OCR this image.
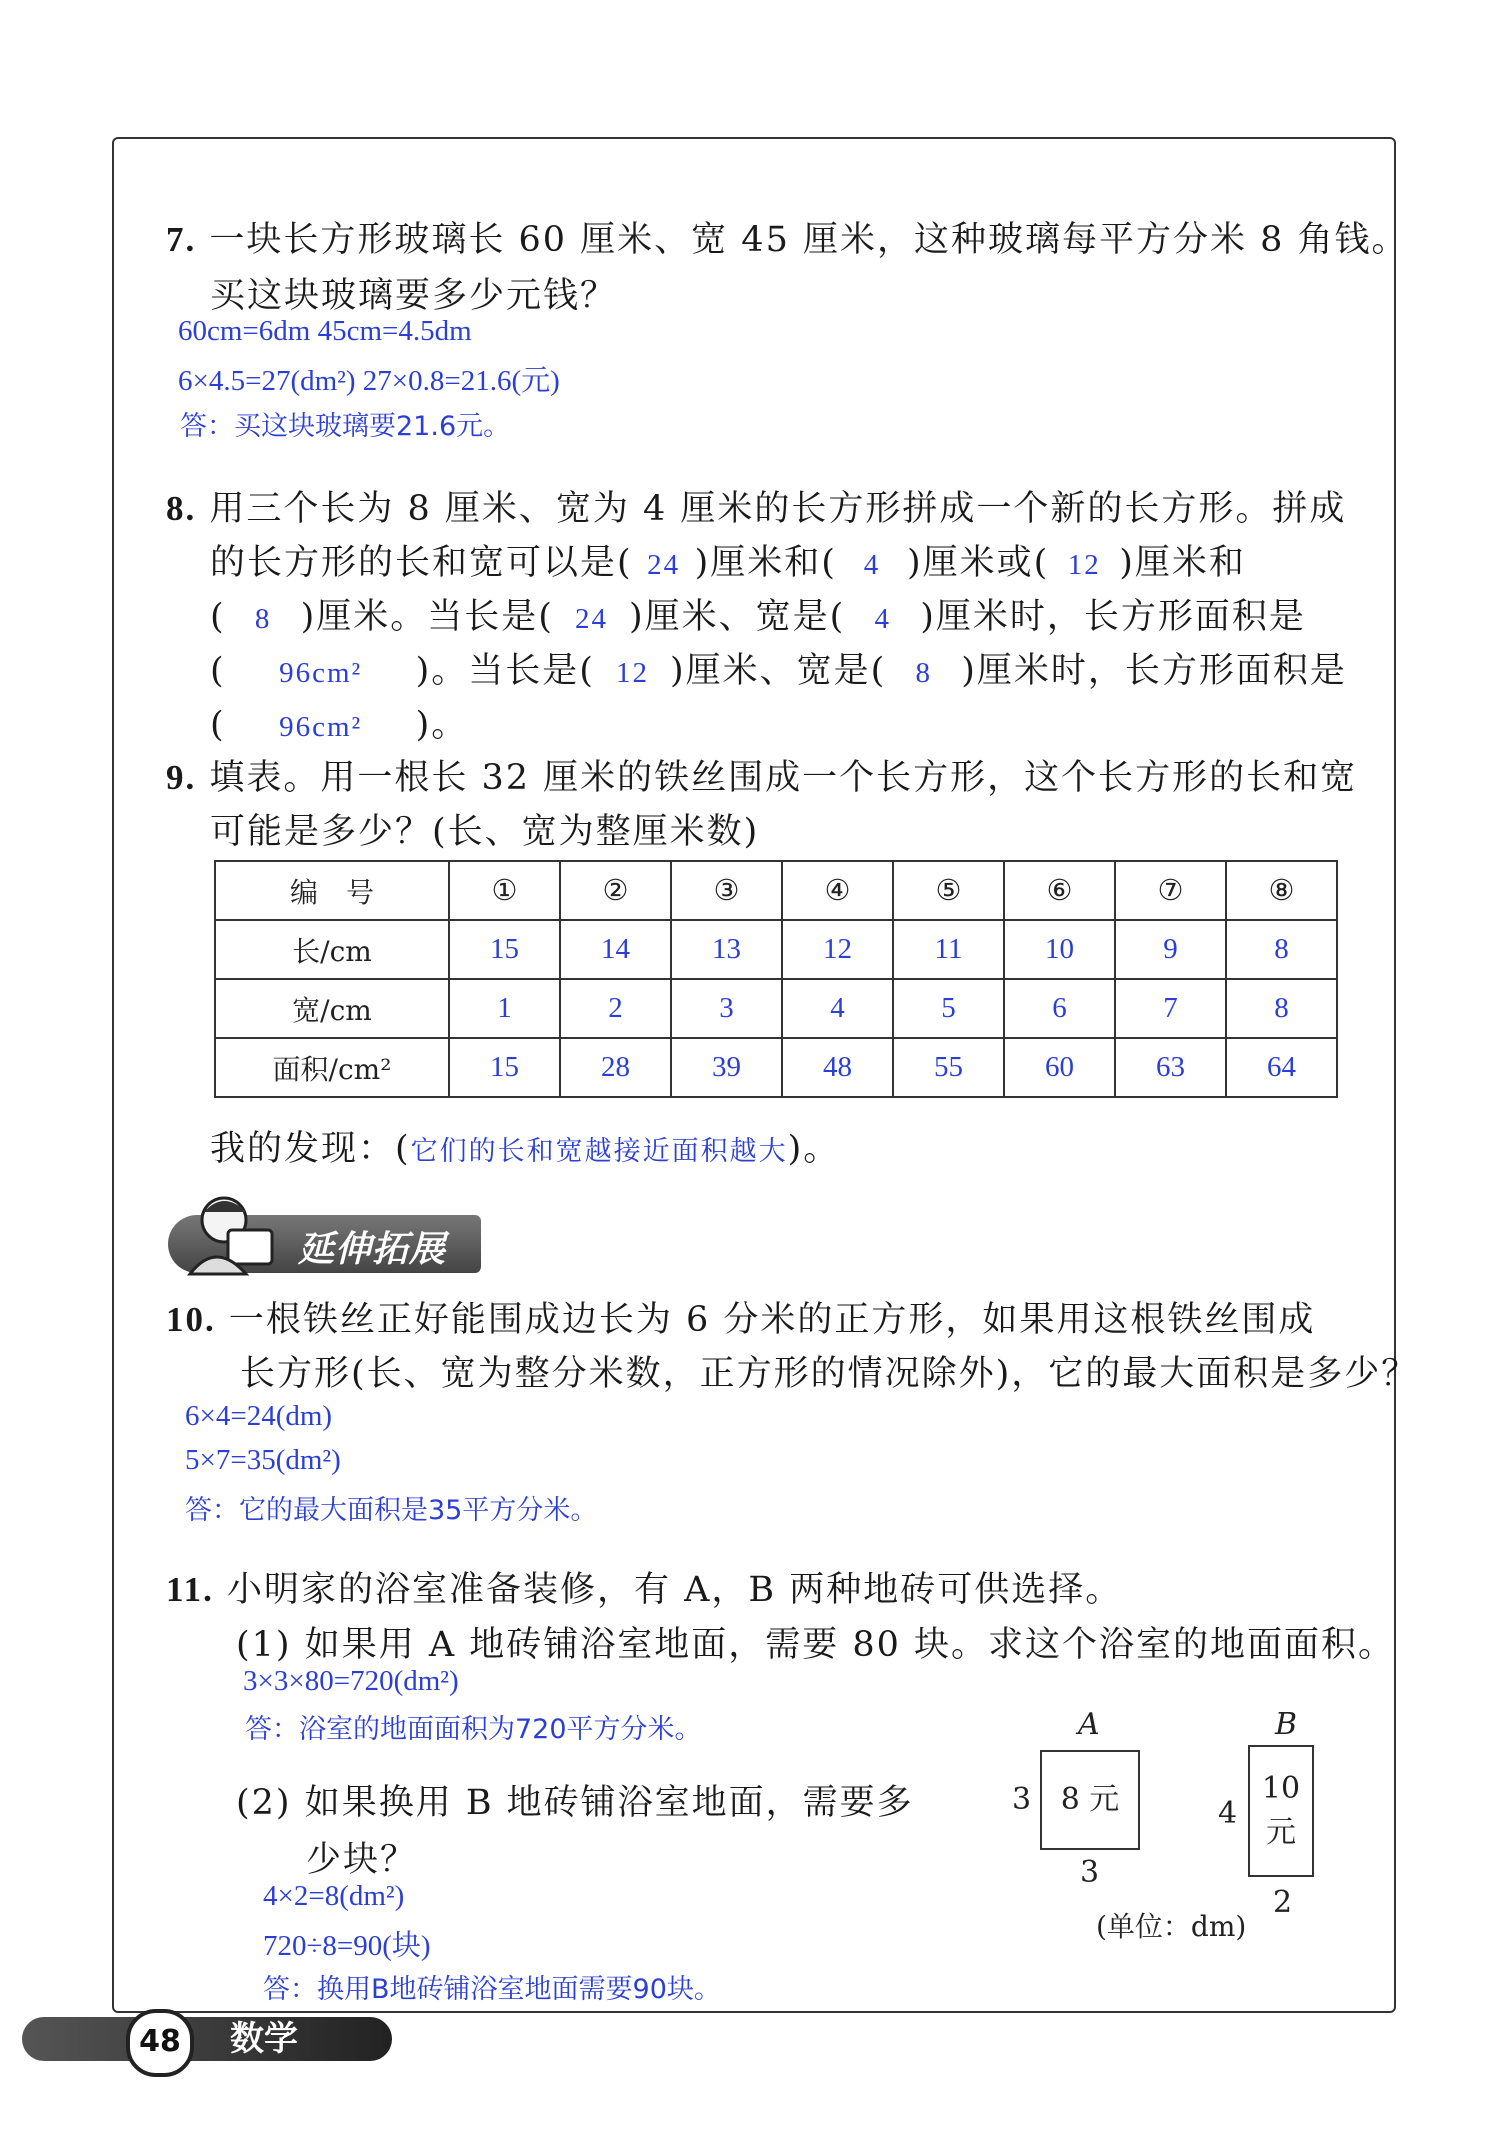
7. 一块长方形玻璃长 60 厘米、宽 45 厘米，这种玻璃每平方分米 8 角钱。
买这块玻璃要多少元钱？
60cm=6dm 45cm=4.5dm
6×4.5=27(dm²) 27×0.8=21.6(元)
答：买这块玻璃要21.6元。
8. 用三个长为 8 厘米、宽为 4 厘米的长方形拼成一个新的长方形。拼成
的长方形的长和宽可以是( 24 )厘米和( 4 )厘米或( 12 )厘米和
( 8 )厘米。当长是( 24 )厘米、宽是( 4 )厘米时，长方形面积是
( 96cm² )。当长是( 12 )厘米、宽是( 8 )厘米时，长方形面积是
( 96cm² )。
9. 填表。用一根长 32 厘米的铁丝围成一个长方形，这个长方形的长和宽
可能是多少？(长、宽为整厘米数)
编　号	①	②	③	④	⑤	⑥	⑦	⑧
长/cm	15	14	13	12	11	10	9	8
宽/cm	1	2	3	4	5	6	7	8
面积/cm²	15	28	39	48	55	60	63	64
我的发现：(它们的长和宽越接近面积越大)。
延伸拓展
10. 一根铁丝正好能围成边长为 6 分米的正方形，如果用这根铁丝围成
长方形(长、宽为整分米数，正方形的情况除外)，它的最大面积是多少？
6×4=24(dm)
5×7=35(dm²)
答：它的最大面积是35平方分米。
11. 小明家的浴室准备装修，有 A，B 两种地砖可供选择。
(1) 如果用 A 地砖铺浴室地面，需要 80 块。求这个浴室的地面面积。
3×3×80=720(dm²)
答：浴室的地面面积为720平方分米。
(2) 如果换用 B 地砖铺浴室地面，需要多
少块？
4×2=8(dm²)
720÷8=90(块)
答：换用B地砖铺浴室地面需要90块。
A
8 元
3
3
B
10
元
4
2
(单位：dm)
48	数学
